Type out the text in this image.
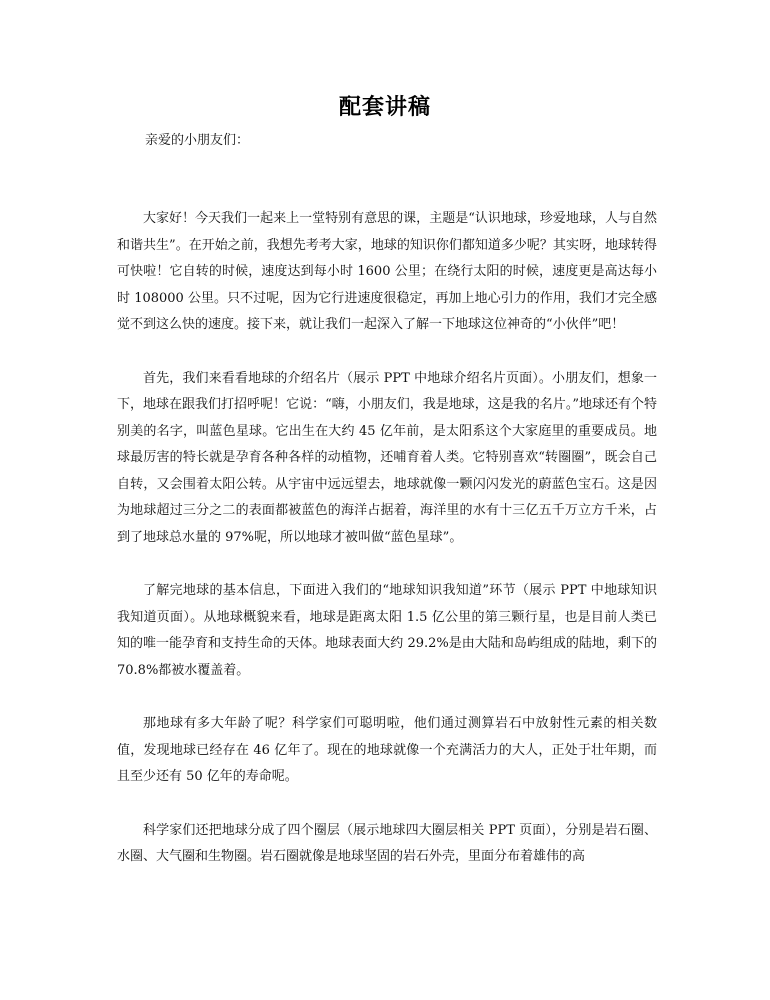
配套讲稿
亲爱的小朋友们：

大家好！今天我们一起来上一堂特别有意思的课，主题是“认识地球，珍爱地球，人与自然和谐共生”。在开始之前，我想先考考大家，地球的知识你们都知道多少呢？其实呀，地球转得可快啦！它自转的时候，速度达到每小时 1600 公里；在绕行太阳的时候，速度更是高达每小时 108000 公里。只不过呢，因为它行进速度很稳定，再加上地心引力的作用，我们才完全感觉不到这么快的速度。接下来，就让我们一起深入了解一下地球这位神奇的“小伙伴”吧！

首先，我们来看看地球的介绍名片（展示 PPT 中地球介绍名片页面）。小朋友们，想象一下，地球在跟我们打招呼呢！它说：“嗨，小朋友们，我是地球，这是我的名片。”地球还有个特别美的名字，叫蓝色星球。它出生在大约 45 亿年前，是太阳系这个大家庭里的重要成员。地球最厉害的特长就是孕育各种各样的动植物，还哺育着人类。它特别喜欢“转圈圈”，既会自己自转，又会围着太阳公转。从宇宙中远远望去，地球就像一颗闪闪发光的蔚蓝色宝石。这是因为地球超过三分之二的表面都被蓝色的海洋占据着，海洋里的水有十三亿五千万立方千米，占到了地球总水量的 97%呢，所以地球才被叫做“蓝色星球”。

了解完地球的基本信息，下面进入我们的“地球知识我知道”环节（展示 PPT 中地球知识我知道页面）。从地球概貌来看，地球是距离太阳 1.5 亿公里的第三颗行星，也是目前人类已知的唯一能孕育和支持生命的天体。地球表面大约 29.2%是由大陆和岛屿组成的陆地，剩下的 70.8%都被水覆盖着。

那地球有多大年龄了呢？科学家们可聪明啦，他们通过测算岩石中放射性元素的相关数值，发现地球已经存在 46 亿年了。现在的地球就像一个充满活力的大人，正处于壮年期，而且至少还有 50 亿年的寿命呢。

科学家们还把地球分成了四个圈层（展示地球四大圈层相关 PPT 页面），分别是岩石圈、水圈、大气圈和生物圈。岩石圈就像是地球坚固的岩石外壳，里面分布着雄伟的高
